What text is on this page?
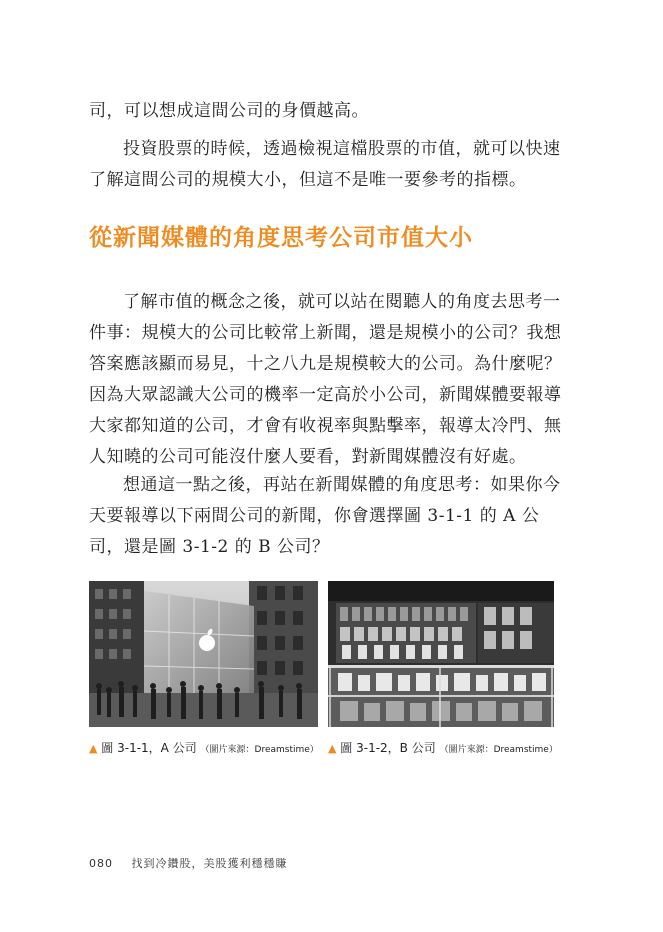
司，可以想成這間公司的身價越高。

投資股票的時候，透過檢視這檔股票的市值，就可以快速了解這間公司的規模大小，但這不是唯一要參考的指標。

從新聞媒體的角度思考公司市值大小

了解市值的概念之後，就可以站在閱聽人的角度去思考一件事：規模大的公司比較常上新聞，還是規模小的公司？我想答案應該顯而易見，十之八九是規模較大的公司。為什麼呢？因為大眾認識大公司的機率一定高於小公司，新聞媒體要報導大家都知道的公司，才會有收視率與點擊率，報導太冷門、無人知曉的公司可能沒什麼人要看，對新聞媒體沒有好處。

想通這一點之後，再站在新聞媒體的角度思考：如果你今天要報導以下兩間公司的新聞，你會選擇圖 3-1-1 的 A 公司，還是圖 3-1-2 的 B 公司？

▲ 圖 3-1-1，A 公司 （圖片來源：Dreamstime） ▲ 圖 3-1-2，B 公司 （圖片來源：Dreamstime）
080 找到冷鑽股，美股獲利穩穩賺
